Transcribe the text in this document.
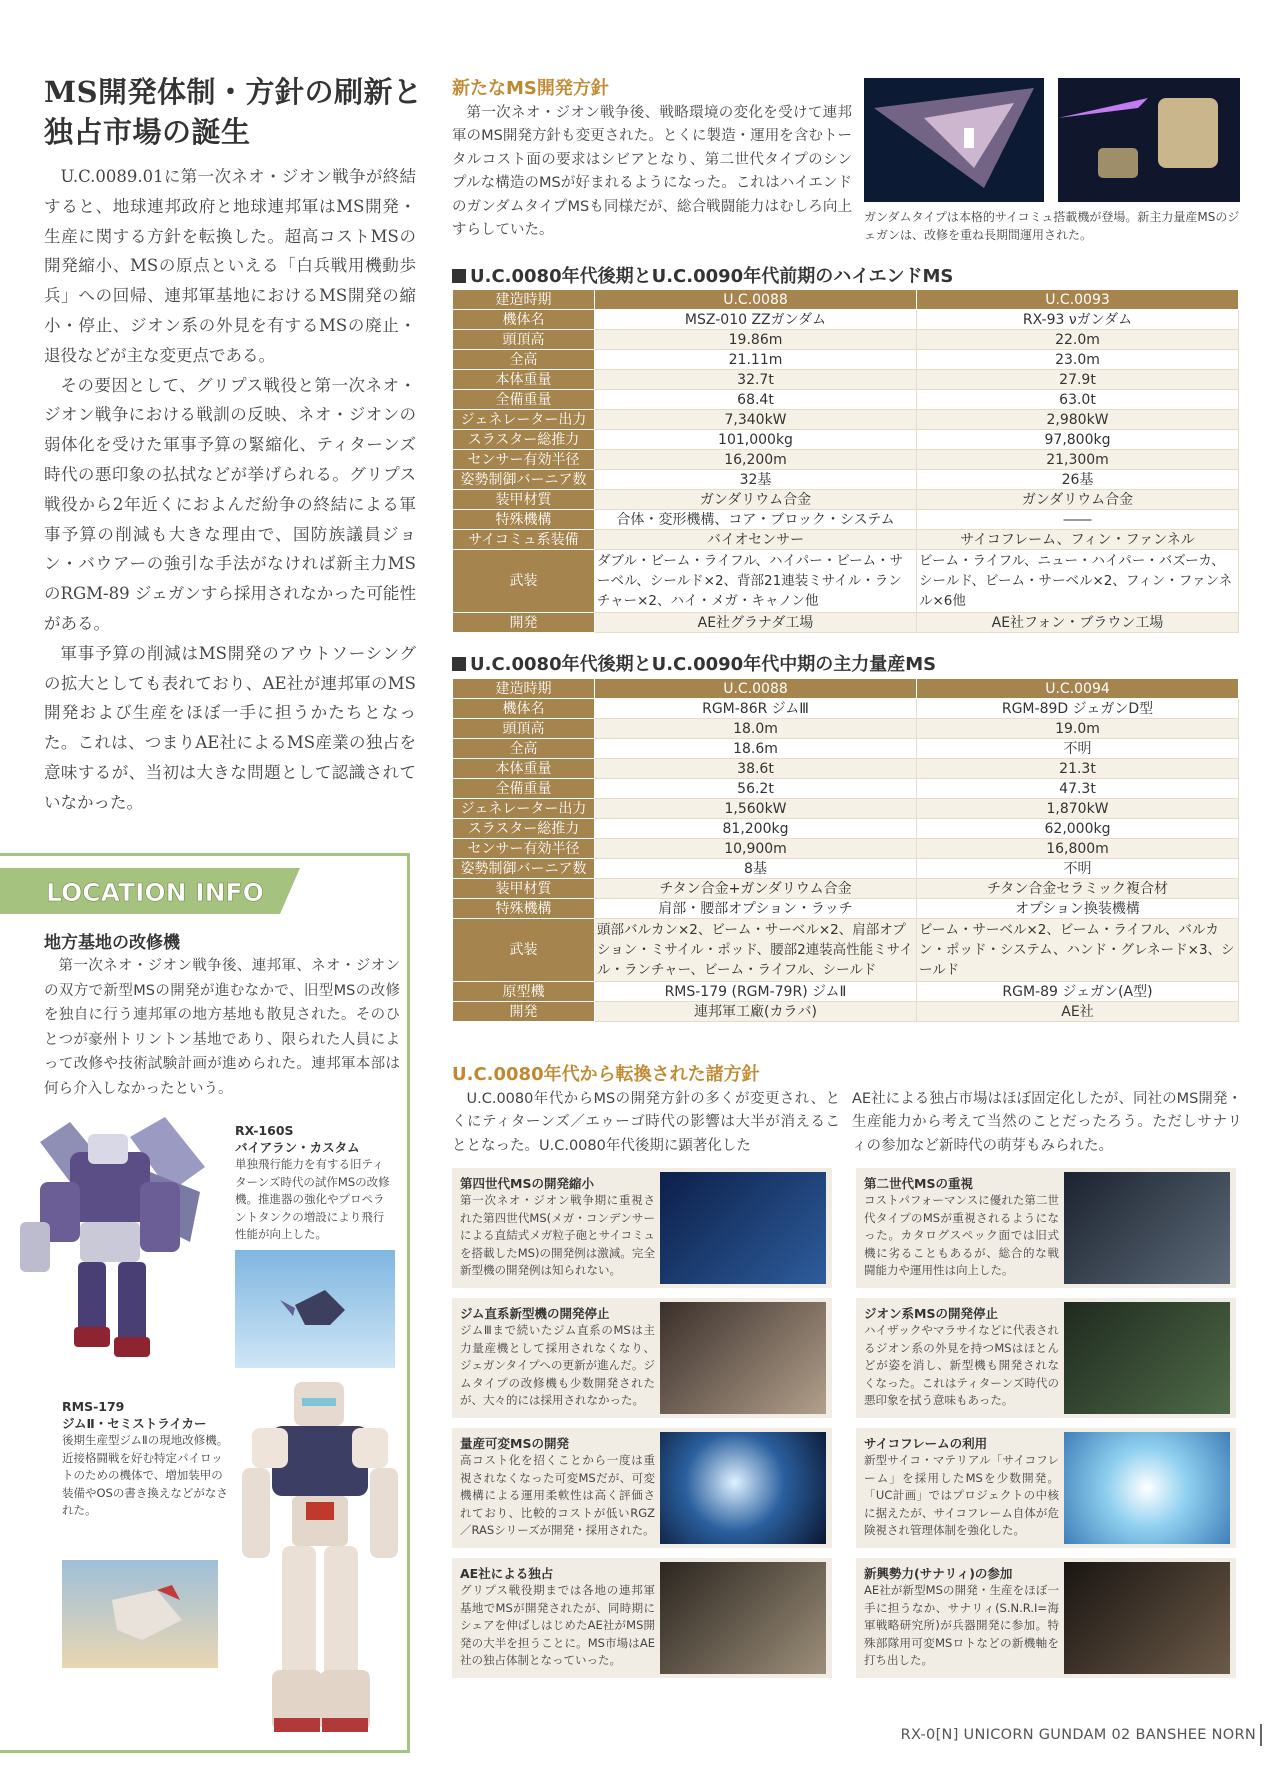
MS開発体制・方針の刷新と
独占市場の誕生

U.C.0089.01に第一次ネオ・ジオン戦争が終結すると、地球連邦政府と地球連邦軍はMS開発・生産に関する方針を転換した。超高コストMSの開発縮小、MSの原点といえる「白兵戦用機動歩兵」への回帰、連邦軍基地におけるMS開発の縮小・停止、ジオン系の外見を有するMSの廃止・退役などが主な変更点である。

その要因として、グリプス戦役と第一次ネオ・ジオン戦争における戦訓の反映、ネオ・ジオンの弱体化を受けた軍事予算の緊縮化、ティターンズ時代の悪印象の払拭などが挙げられる。グリプス戦役から2年近くにおよんだ紛争の終結による軍事予算の削減も大きな理由で、国防族議員ジョン・バウアーの強引な手法がなければ新主力MSのRGM-89 ジェガンすら採用されなかった可能性がある。

軍事予算の削減はMS開発のアウトソーシングの拡大としても表れており、AE社が連邦軍のMS開発および生産をほぼ一手に担うかたちとなった。これは、つまりAE社によるMS産業の独占を意味するが、当初は大きな問題として認識されていなかった。

LOCATION INFO
地方基地の改修機

第一次ネオ・ジオン戦争後、連邦軍、ネオ・ジオンの双方で新型MSの開発が進むなかで、旧型MSの改修を独自に行う連邦軍の地方基地も散見された。そのひとつが豪州トリントン基地であり、限られた人員によって改修や技術試験計画が進められた。連邦軍本部は何ら介入しなかったという。

RX-160S
バイアラン・カスタム
単独飛行能力を有する旧ティターンズ時代の試作MSの改修機。推進器の強化やプロペラントタンクの増設により飛行性能が向上した。
RMS-179
ジムⅡ・セミストライカー
後期生産型ジムⅡの現地改修機。近接格闘戦を好む特定パイロットのための機体で、増加装甲の装備やOSの書き換えなどがなされた。
新たなMS開発方針

第一次ネオ・ジオン戦争後、戦略環境の変化を受けて連邦軍のMS開発方針も変更された。とくに製造・運用を含むトータルコスト面の要求はシビアとなり、第二世代タイプのシンプルな構造のMSが好まれるようになった。これはハイエンドのガンダムタイプMSも同様だが、総合戦闘能力はむしろ向上すらしていた。

ガンダムタイプは本格的サイコミュ搭載機が登場。新主力量産MSのジェガンは、改修を重ね長期間運用された。
U.C.0080年代後期とU.C.0090年代前期のハイエンドMS
建造時期	U.C.0088	U.C.0093
機体名	MSZ-010 ZZガンダム	RX-93 νガンダム
頭頂高	19.86m	22.0m
全高	21.11m	23.0m
本体重量	32.7t	27.9t
全備重量	68.4t	63.0t
ジェネレーター出力	7,340kW	2,980kW
スラスター総推力	101,000kg	97,800kg
センサー有効半径	16,200m	21,300m
姿勢制御バーニア数	32基	26基
装甲材質	ガンダリウム合金	ガンダリウム合金
特殊機構	合体・変形機構、コア・ブロック・システム	――
サイコミュ系装備	バイオセンサー	サイコフレーム、フィン・ファンネル
武装	ダブル・ビーム・ライフル、ハイパー・ビーム・サーベル、シールド×2、背部21連装ミサイル・ランチャー×2、ハイ・メガ・キャノン他	ビーム・ライフル、ニュー・ハイパー・バズーカ、シールド、ビーム・サーベル×2、フィン・ファンネル×6他
開発	AE社グラナダ工場	AE社フォン・ブラウン工場
U.C.0080年代後期とU.C.0090年代中期の主力量産MS
建造時期	U.C.0088	U.C.0094
機体名	RGM-86R ジムⅢ	RGM-89D ジェガンD型
頭頂高	18.0m	19.0m
全高	18.6m	不明
本体重量	38.6t	21.3t
全備重量	56.2t	47.3t
ジェネレーター出力	1,560kW	1,870kW
スラスター総推力	81,200kg	62,000kg
センサー有効半径	10,900m	16,800m
姿勢制御バーニア数	8基	不明
装甲材質	チタン合金+ガンダリウム合金	チタン合金セラミック複合材
特殊機構	肩部・腰部オプション・ラッチ	オプション換装機構
武装	頭部バルカン×2、ビーム・サーベル×2、肩部オプション・ミサイル・ポッド、腰部2連装高性能ミサイル・ランチャー、ビーム・ライフル、シールド	ビーム・サーベル×2、ビーム・ライフル、バルカン・ポッド・システム、ハンド・グレネード×3、シールド
原型機	RMS-179 (RGM-79R) ジムⅡ	RGM-89 ジェガン(A型)
開発	連邦軍工廠(カラバ)	AE社
U.C.0080年代から転換された諸方針

U.C.0080年代からMSの開発方針の多くが変更され、とくにティターンズ／エゥーゴ時代の影響は大半が消えることとなった。U.C.0080年代後期に顕著化した

AE社による独占市場はほぼ固定化したが、同社のMS開発・生産能力から考えて当然のことだったろう。ただしサナリィの参加など新時代の萌芽もみられた。
第四世代MSの開発縮小
第一次ネオ・ジオン戦争期に重視された第四世代MS(メガ・コンデンサーによる直結式メガ粒子砲とサイコミュを搭載したMS)の開発例は激減。完全新型機の開発例は知られない。
第二世代MSの重視
コストパフォーマンスに優れた第二世代タイプのMSが重視されるようになった。カタログスペック面では旧式機に劣ることもあるが、総合的な戦闘能力や運用性は向上した。
ジム直系新型機の開発停止
ジムⅢまで続いたジム直系のMSは主力量産機として採用されなくなり、ジェガンタイプへの更新が進んだ。ジムタイプの改修機も少数開発されたが、大々的には採用されなかった。
ジオン系MSの開発停止
ハイザックやマラサイなどに代表されるジオン系の外見を持つMSはほとんどが姿を消し、新型機も開発されなくなった。これはティターンズ時代の悪印象を拭う意味もあった。
量産可変MSの開発
高コスト化を招くことから一度は重視されなくなった可変MSだが、可変機構による運用柔軟性は高く評価されており、比較的コストが低いRGZ／RASシリーズが開発・採用された。
サイコフレームの利用
新型サイコ・マテリアル「サイコフレーム」を採用したMSを少数開発。「UC計画」ではプロジェクトの中核に据えたが、サイコフレーム自体が危険視され管理体制を強化した。
AE社による独占
グリプス戦役期までは各地の連邦軍基地でMSが開発されたが、同時期にシェアを伸ばしはじめたAE社がMS開発の大半を担うことに。MS市場はAE社の独占体制となっていった。
新興勢力(サナリィ)の参加
AE社が新型MSの開発・生産をほぼ一手に担うなか、サナリィ(S.N.R.I=海軍戦略研究所)が兵器開発に参加。特殊部隊用可変MSロトなどの新機軸を打ち出した。
RX-0[N] UNICORN GUNDAM 02 BANSHEE NORN
